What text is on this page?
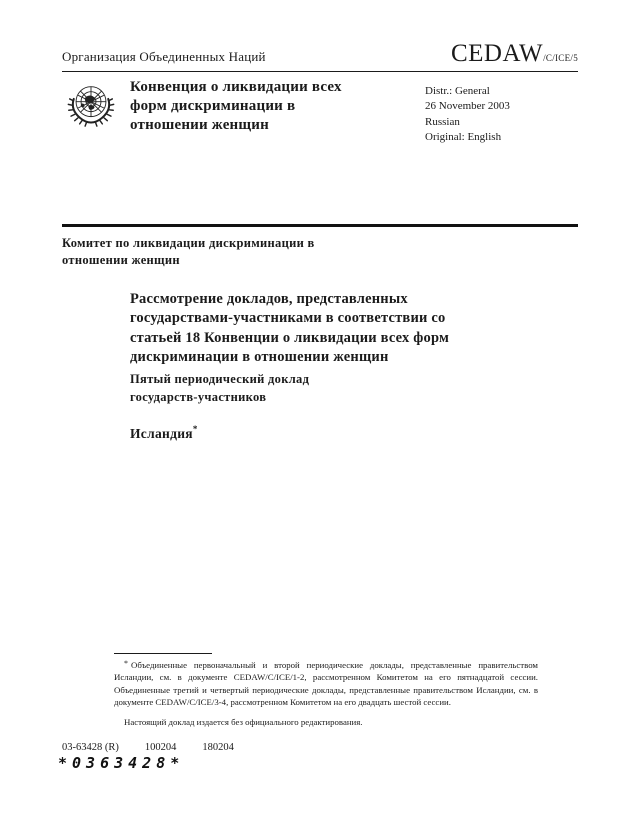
Организация Объединенных Наций	CEDAW/C/ICE/5
Конвенция о ликвидации всех форм дискриминации в отношении женщин
Distr.: General
26 November 2003
Russian
Original: English
Комитет по ликвидации дискриминации в отношении женщин
Рассмотрение докладов, представленных государствами-участниками в соответствии со статьей 18 Конвенции о ликвидации всех форм дискриминации в отношении женщин
Пятый периодический доклад государств-участников
Исландия*

* Объединенные первоначальный и второй периодические доклады, представленные правительством Исландии, см. в документе CEDAW/C/ICE/1-2, рассмотренном Комитетом на его пятнадцатой сессии. Объединенные третий и четвертый периодические доклады, представленные правительством Исландии, см. в документе CEDAW/C/ICE/3-4, рассмотренном Комитетом на его двадцать шестой сессии.

Настоящий доклад издается без официального редактирования.

03-63428 (R) 100204 180204
*0363428*
